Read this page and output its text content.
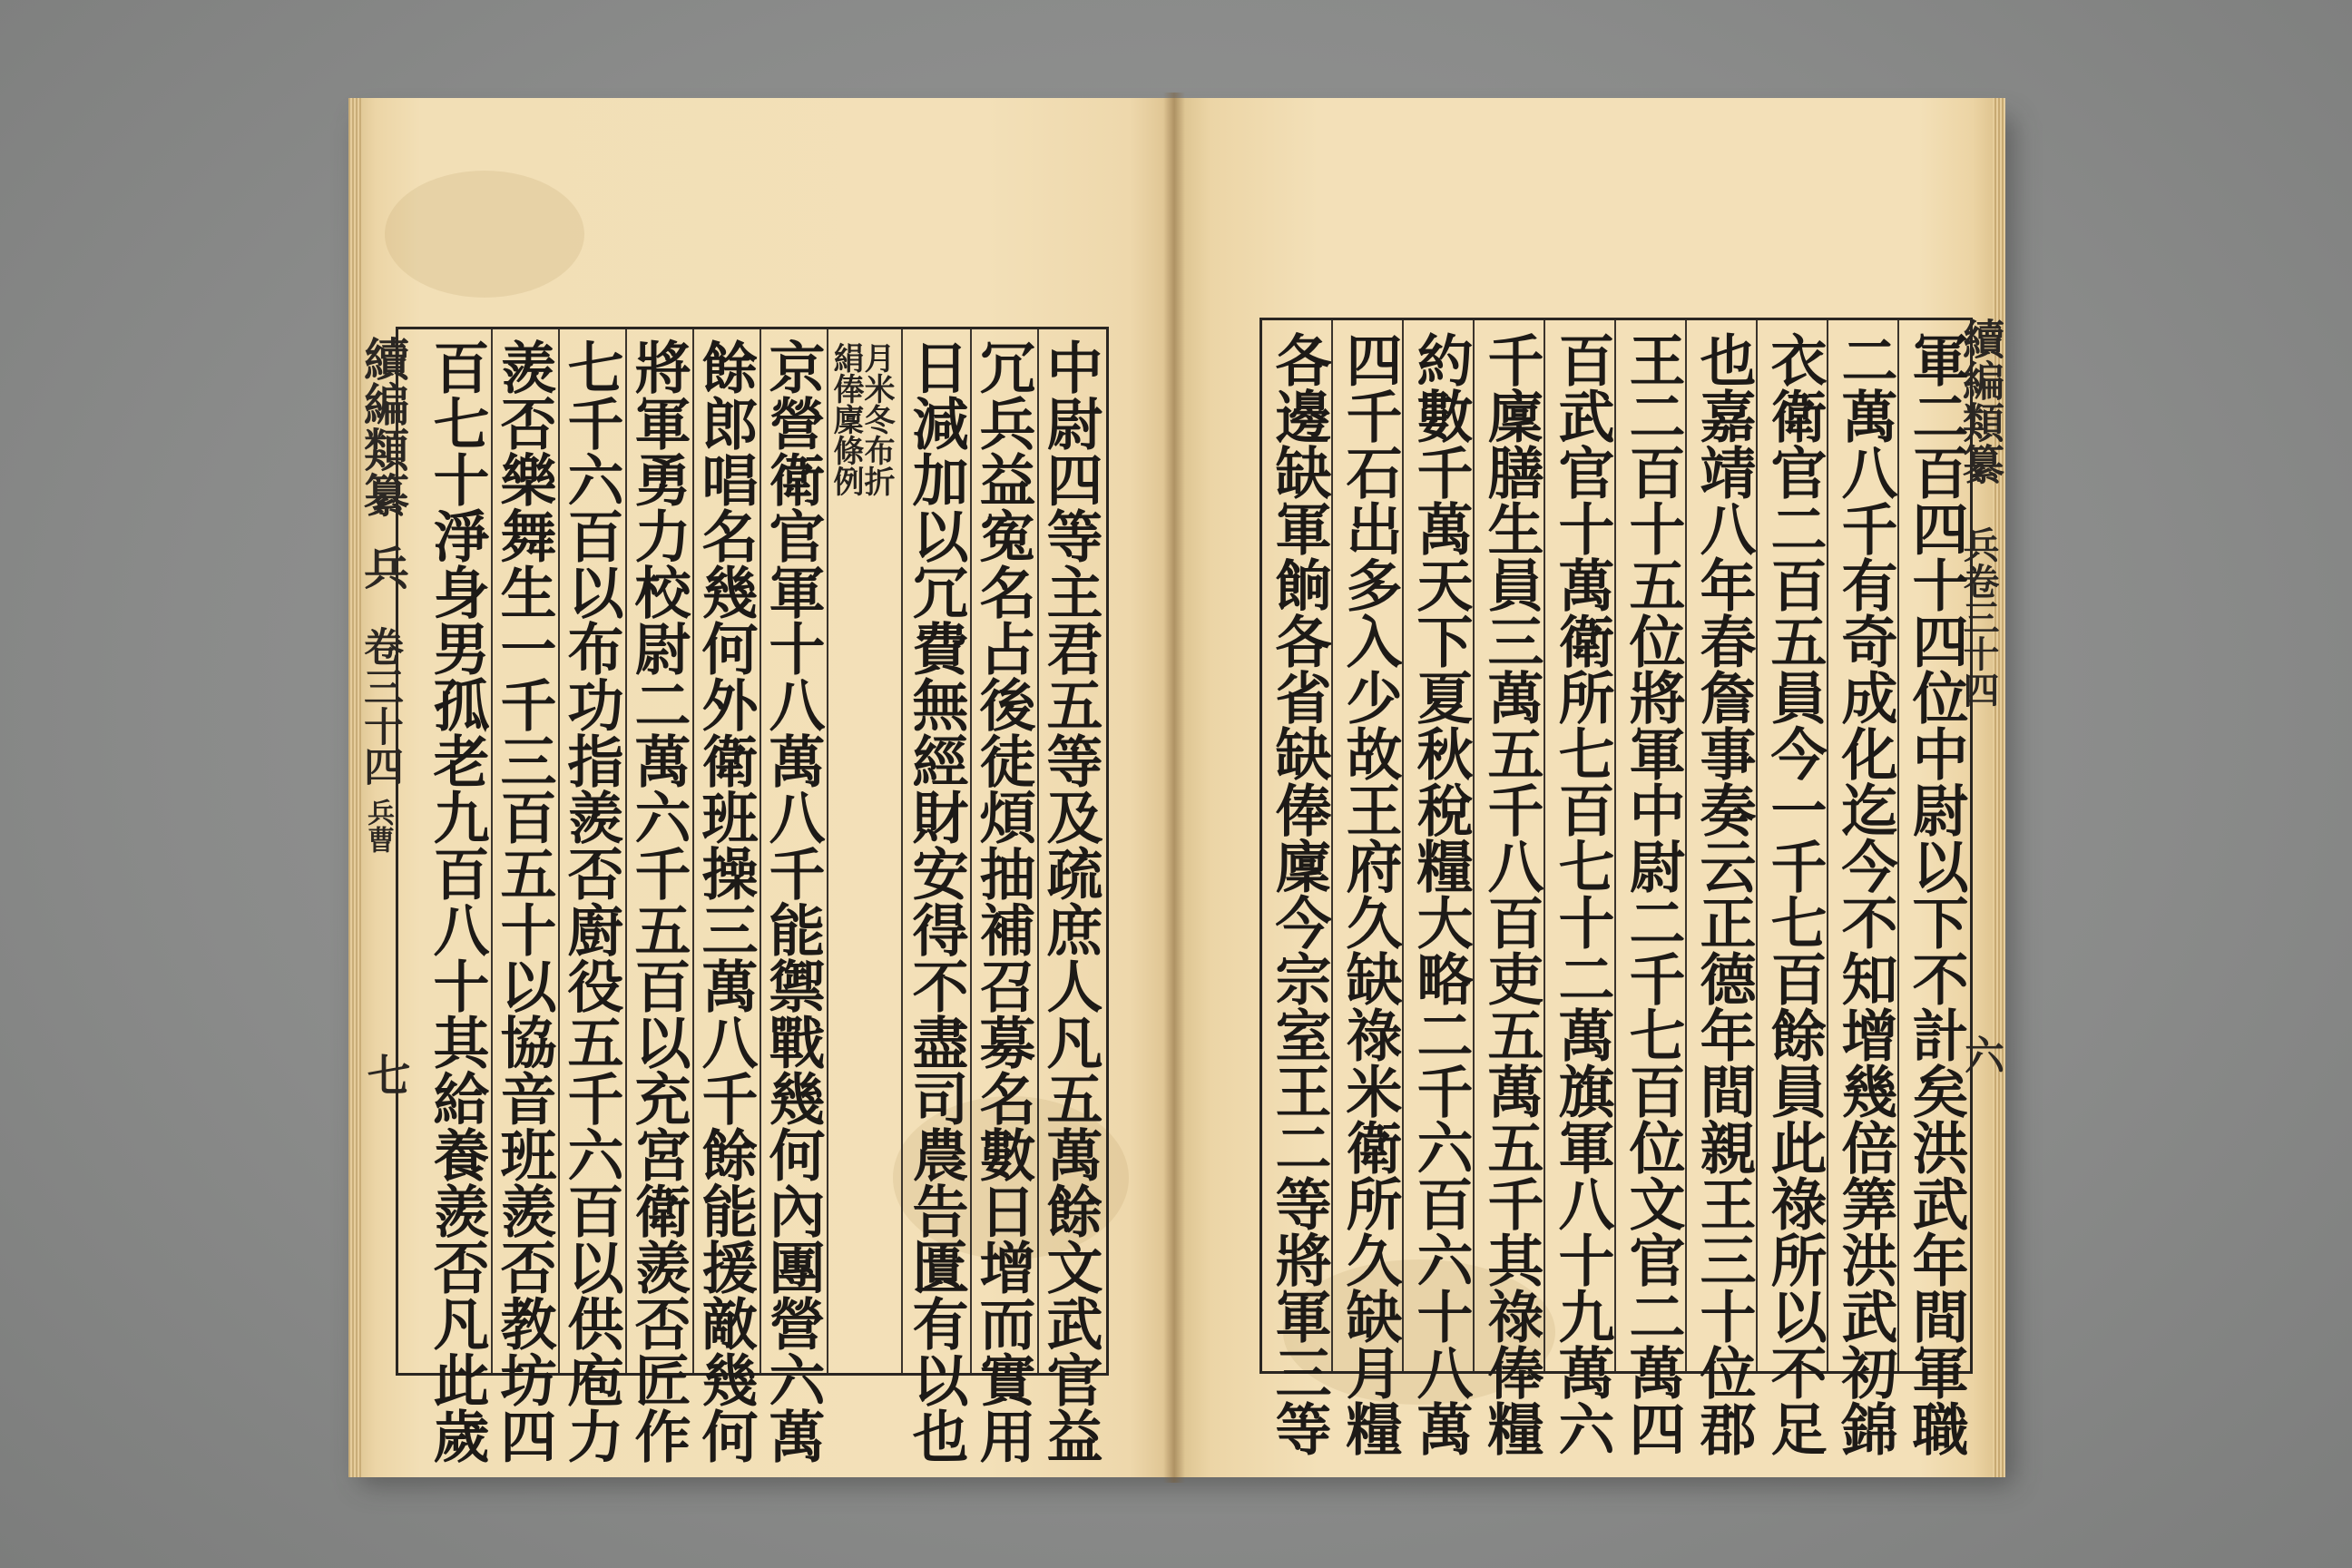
續編類纂
兵
卷三十四
兵曹
七	中尉四等主君五等及疏庶人凡五萬餘文武官益
冗兵益寃名占後徒煩抽補召募名數日增而實用
日減加以冗費無經財安得不盡司農告匱有以也
月米冬布折
絹俸廩條例
京營衛官軍十八萬八千能禦戰幾何內團營六萬
餘郎唱名幾何外衛班操三萬八千餘能援敵幾何
將軍勇力校尉二萬六千五百以充宮衛羨否匠作
七千六百以布功指羨否廚役五千六百以供庖力
羨否樂舞生一千三百五十以協音班羨否教坊四
百七十淨身男孤老九百八十其給養羨否凡此歲	續編類纂
兵卷三十四
六
軍二百四十四位中尉以下不計矣洪武年間軍職
二萬八千有奇成化迄今不知增幾倍筭洪武初錦
衣衛官二百五員今一千七百餘員此祿所以不足
也嘉靖八年春詹事奏云正德年間親王三十位郡
王二百十五位將軍中尉二千七百位文官二萬四
百武官十萬衛所七百七十二萬旗軍八十九萬六
千廩膳生員三萬五千八百吏五萬五千其祿俸糧
約數千萬天下夏秋稅糧大略二千六百六十八萬
四千石出多入少故王府久缺祿米衛所久缺月糧
各邊缺軍餉各省缺俸廩今宗室王二等將軍三等
